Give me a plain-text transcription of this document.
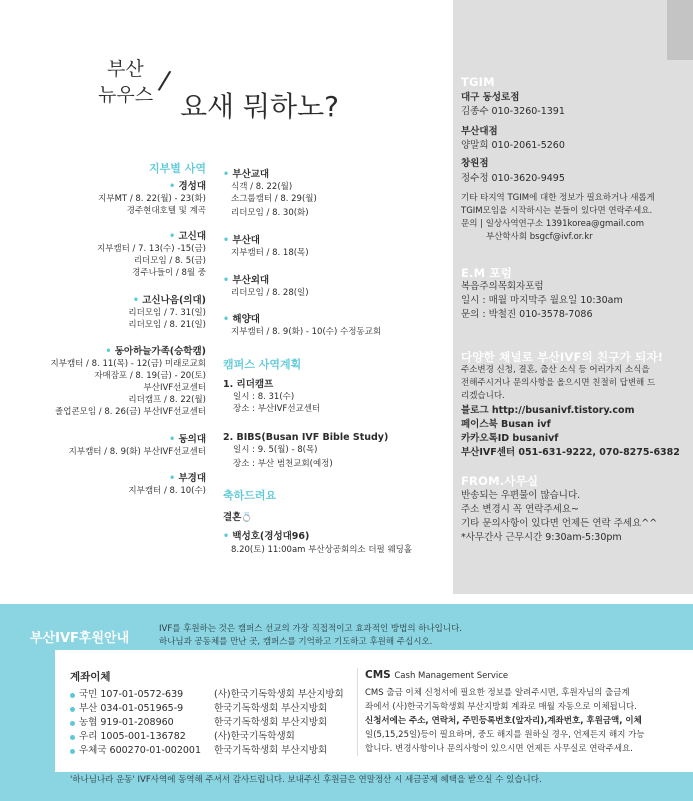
부산
뉴우스 /
요새 뭐하노?
지부별 사역
• 경성대
지부MT / 8. 22(월) - 23(화)
경주현대호텔 및 계곡
• 고신대
지부캠터 / 7. 13(수) -15(금)
리더모임 / 8. 5(금)
경주나들이 / 8월 중
• 고신나음(의대)
리더모임 / 7. 31(일)
리더모임 / 8. 21(일)
• 동아하늘가족(승학캠)
지부캠터 / 8. 11(목) - 12(금) 미래로교회
자매잠포 / 8. 19(금) - 20(토)
부산IVF선교센터
리더캠프 / 8. 22(월)
졸업콘모임 / 8. 26(금) 부산IVF선교센터
• 동의대
지부캠터 / 8. 9(화) 부산IVF선교센터
• 부경대
지부캠터 / 8. 10(수)
• 부산교대
식객 / 8. 22(월)
소그룹캠터 / 8. 29(월)
리더모임 / 8. 30(화)
• 부산대
지부캠터 / 8. 18(목)
• 부산외대
리더모임 / 8. 28(일)
• 해양대
지부캠터 / 8. 9(화) - 10(수) 수정동교회
캠퍼스 사역계획
1. 리더캠프
일시 : 8. 31(수)
장소 : 부산IVF선교센터
2. BIBS(Busan IVF Bible Study)
일시 : 9. 5(월) - 8(목)
장소 : 부산 범천교회(예정)
축하드려요
결혼💍
• 백성호(경성대96)
8.20(토) 11:00am 부산상공회의소 더펄 웨딩홀
TGIM
대구 동성로점
김종수 010-3260-1391
부산대점
양말희 010-2061-5260
창원점
정수정 010-3620-9495
기타 타지역 TGIM에 대한 정보가 필요하거나 새롭게
TGIM모임을 시작하시는 분들이 있다면 연락주세요.
문의 | 일상사역연구소 1391korea@gmail.com
부산학사회 bsgcf@ivf.or.kr
E.M 포럼
복음주의목회자포럼
일시 : 매월 마지막주 월요일 10:30am
문의 : 박철진 010-3578-7086
다양한 채널로 부산IVF의 친구가 되자!
주소변경 신청, 결혼, 출산 소식 등 어러가지 소식을
전해주시거나 문의사항을 올으시면 친절히 답변해 드
리겠습니다.
블로그 http://busanivf.tistory.com
페이스북 Busan ivf
카카오톡ID busanivf
부산IVF센터 051-631-9222, 070-8275-6382
FROM.사무실
반송되는 우편물이 많습니다.
주소 변경시 꼭 연락주세요~
기타 문의사항이 있다면 언제든 연락 주세요^^
*사무간사 근무시간 9:30am-5:30pm
부산IVF후원안내
IVF를 후원하는 것은 캠퍼스 선교의 가장 직접적이고 효과적인 방법의 하나입니다.
하나님과 공동체를 만난 곳, 캠퍼스를 기억하고 기도하고 후원해 주십시오.
계좌이체
국민 107-01-0572-639	(사)한국기독학생회 부산지방회
부산 034-01-051965-9	한국기독학생회 부산지방회
농협 919-01-208960	한국기독학생회 부산지방회
우리 1005-001-136782	(사)한국기독학생회
우체국 600270-01-002001 한국기독학생회 부산지방회
CMS Cash Management Service
CMS 출금 이체 신청서에 필요한 정보를 알려주시면, 후원자님의 출금계
좌에서 (사)한국기독학생회 부산지방회 계좌로 매월 자동으로 이체됩니다.
신청서에는 주소, 연락처, 주민등록번호(앞자리),계좌번호, 후원금액, 이체
일(5,15,25일)등이 필요하며, 중도 해지를 원하실 경우, 언제든지 해지 가능
합니다. 변경사항이나 문의사항이 있으시면 언제든 사무실로 연락주세요.
'하나님나라 운동' IVF사역에 동역해 주셔서 감사드립니다. 보내주신 후원금은 연말정산 시 세금공제 혜택을 받으실 수 있습니다.
